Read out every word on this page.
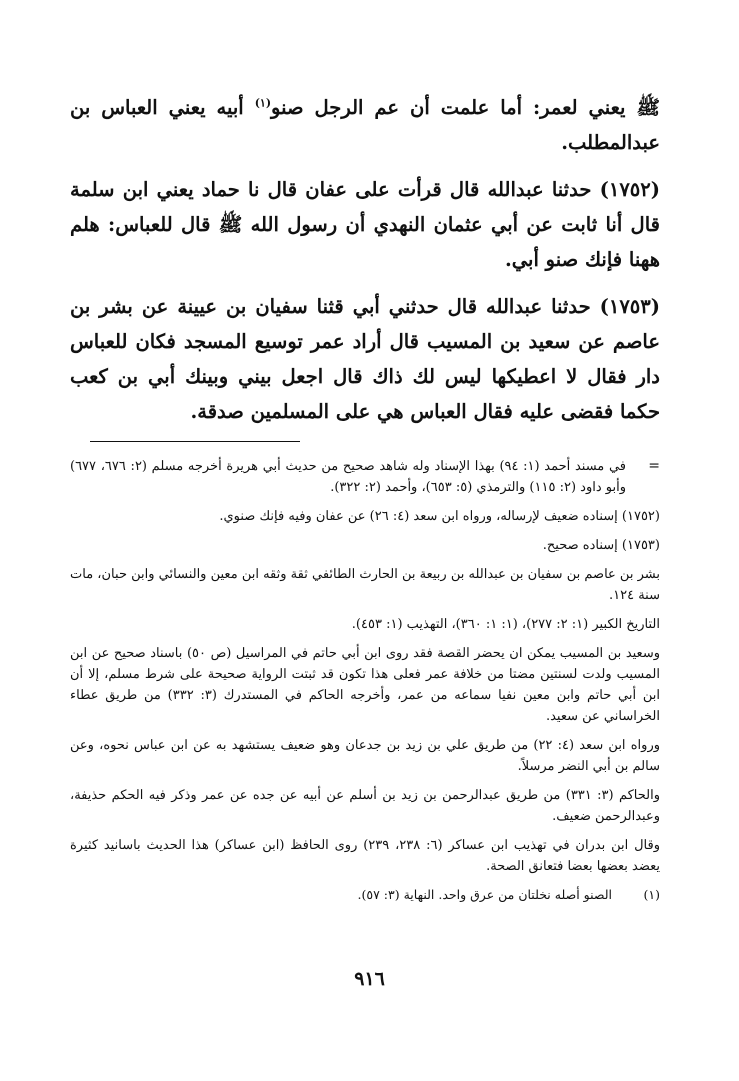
ﷺ يعني لعمر: أما علمت أن عم الرجل صنو$^{(١)}$ أبيه يعني العباس بن عبدالمطلب.

(١٧٥٢) حدثنا عبدالله قال قرأت على عفان قال نا حماد يعني ابن سلمة قال أنا ثابت عن أبي عثمان النهدي أن رسول الله ﷺ قال للعباس: هلم ههنا فإنك صنو أبي.

(١٧٥٣) حدثنا عبدالله قال حدثني أبي قثنا سفيان بن عيينة عن بشر بن عاصم عن سعيد بن المسيب قال أراد عمر توسيع المسجد فكان للعباس دار فقال لا اعطيكها ليس لك ذاك قال اجعل بيني وبينك أبي بن كعب حكما فقضى عليه فقال العباس هي على المسلمين صدقة.

=
في مسند أحمد (١: ٩٤) بهذا الإسناد وله شاهد صحيح من حديث أبي هريرة أخرجه مسلم (٢: ٦٧٦، ٦٧٧) وأبو داود (٢: ١١٥) والترمذي (٥: ٦٥٣)، وأحمد (٢: ٣٢٢).

(١٧٥٢) إسناده ضعيف لإرساله، ورواه ابن سعد (٤: ٢٦) عن عفان وفيه فإنك صنوي.

(١٧٥٣) إسناده صحيح.

بشر بن عاصم بن سفيان بن عبدالله بن ربيعة بن الحارث الطائفي ثقة وثقه ابن معين والنسائي وابن حبان، مات سنة ١٢٤.

التاريخ الكبير (١: ٢: ٢٧٧)، (١: ١: ٣٦٠)، التهذيب (١: ٤٥٣).

وسعيد بن المسيب يمكن ان يحضر القصة فقد روى ابن أبي حاتم في المراسيل (ص ٥٠) باسناد صحيح عن ابن المسيب ولدت لسنتين مضتا من خلافة عمر فعلى هذا تكون قد ثبتت الرواية صحيحة على شرط مسلم، إلا أن ابن أبي حاتم وابن معين نفيا سماعه من عمر، وأخرجه الحاكم في المستدرك (٣: ٣٣٢) من طريق عطاء الخراساني عن سعيد.

ورواه ابن سعد (٤: ٢٢) من طريق علي بن زيد بن جدعان وهو ضعيف يستشهد به عن ابن عباس نحوه، وعن سالم بن أبي النضر مرسلاً.

والحاكم (٣: ٣٣١) من طريق عبدالرحمن بن زيد بن أسلم عن أبيه عن جده عن عمر وذكر فيه الحكم حذيفة، وعبدالرحمن ضعيف.

وقال ابن بدران في تهذيب ابن عساكر (٦: ٢٣٨، ٢٣٩) روى الحافظ (ابن عساكر) هذا الحديث باسانيد كثيرة يعضد بعضها بعضا فتعانق الصحة.

(١)
الصنو أصله نخلتان من عرق واحد. النهاية (٣: ٥٧).
٩١٦
